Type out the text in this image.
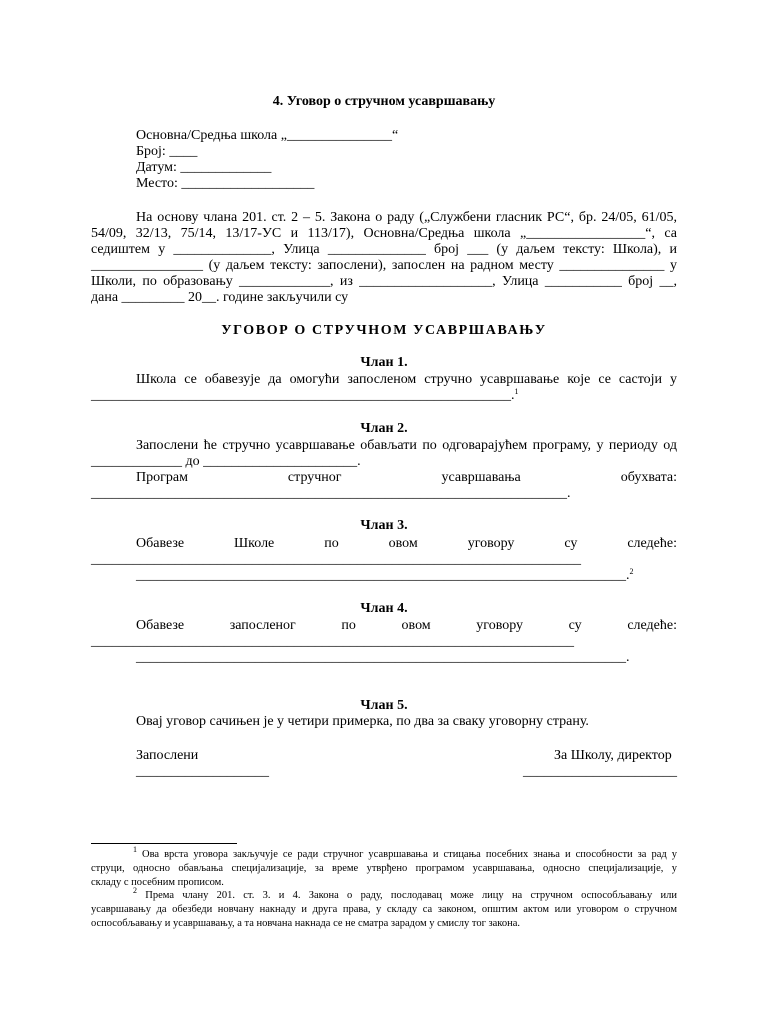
4. Уговор о стручном усавршавању
Основна/Средња школа „_______________“
Број: ____
Датум: _____________
Место: ___________________
На основу члана 201. ст. 2 – 5. Закона о раду („Службени гласник РС“, бр. 24/05, 61/05,
54/09, 32/13, 75/14, 13/17-УС и 113/17), Основна/Средња школа „_________________“, са
седиштем у ______________, Улица ______________ број ___ (у даљем тексту: Школа), и
________________ (у даљем тексту: запослени), запослен на радном месту _______________ у
Школи, по образовању _____________, из ___________________, Улица ___________ број __,
дана _________ 20__. године закључили су
УГОВОР О СТРУЧНОМ УСАВРШАВАЊУ
Члан 1.
Школа се обавезује да омогући запосленом стручно усавршавање које се састоји у
____________________________________________________________.$^1$
Члан 2.
Запослени ће стручно усавршавање обављати по одговарајућем програму, у периоду од
_____________ до ______________________.
Програм стручног усавршавања обухвата:
____________________________________________________________________.
Члан 3.
Обавезе Школе по овом уговору су следеће:
______________________________________________________________________
______________________________________________________________________.$^2$
Члан 4.
Обавезе запосленог по овом уговору су следеће:
_____________________________________________________________________
______________________________________________________________________.
Члан 5.
Овај уговор сачињен је у четири примерка, по два за сваку уговорну страну.
Запослени	За Школу, директор
___________________	______________________
$^1$ Ова врста уговора закључује се ради стручног усавршавања и стицања посебних знања и способности за рад у
струци, односно обављања специјализације, за време утврђено програмом усавршавања, односно специјализације, у
складу с посебним прописом.
$^2$ Према члану 201. ст. 3. и 4. Закона о раду, послодавац може лицу на стручном оспособљавању или
усавршавању да обезбеди новчану накнаду и друга права, у складу са законом, општим актом или уговором о стручном
оспособљавању и усавршавању, а та новчана накнада се не сматра зарадом у смислу тог закона.
